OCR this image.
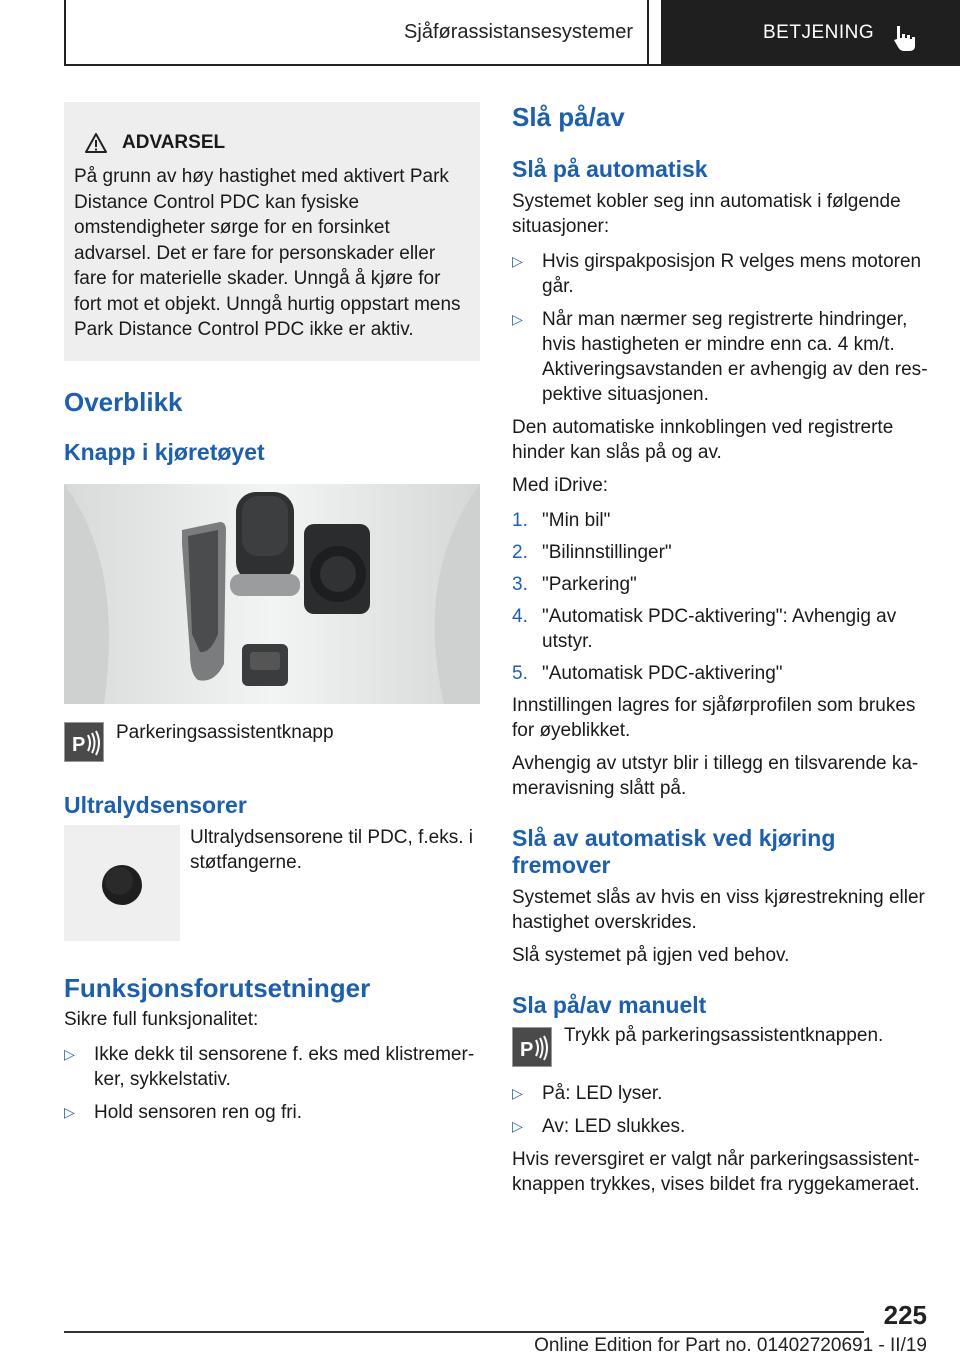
Sjåførassistansesystemer	BETJENING
ADVARSEL

På grunn av høy hastighet med aktivert Park Distance Control PDC kan fysiske omstendigheter sørge for en forsinket advarsel. Det er fare for personskader eller fare for materielle skader. Unngå å kjøre for fort mot et objekt. Unngå hurtig oppstart mens Park Distance Control PDC ikke er aktiv.

Overblikk
Knapp i kjøretøyet
P
Parkeringsassistentknapp
Ultralydsensorer

Ultralydsensorene til PDC, f.eks. i støtfangerne.

Funksjonsforutsetninger

Sikre full funksjonalitet:

▷ Ikke dekk til sensorene f. eks med klistremerker, sykkelstativ.
▷ Hold sensoren ren og fri.
Slå på/av
Slå på automatisk

Systemet kobler seg inn automatisk i følgende situasjoner:

▷ Hvis girspakposisjon R velges mens motoren går.
▷ Når man nærmer seg registrerte hindringer, hvis hastigheten er mindre enn ca. 4 km/t. Aktiveringsavstanden er avhengig av den respektive situasjonen.

Den automatiske innkoblingen ved registrerte hinder kan slås på og av.

Med iDrive:

1. "Min bil"
2. "Bilinnstillinger"
3. "Parkering"
4. "Automatisk PDC-aktivering": Avhengig av utstyr.
5. "Automatisk PDC-aktivering"

Innstillingen lagres for sjåførprofilen som brukes for øyeblikket.

Avhengig av utstyr blir i tillegg en tilsvarende kameravisning slått på.

Slå av automatisk ved kjøring fremover

Systemet slås av hvis en viss kjørestrekning eller hastighet overskrides.

Slå systemet på igjen ved behov.

Sla på/av manuelt
P

Trykk på parkeringsassistentknappen.

▷ På: LED lyser.
▷ Av: LED slukkes.

Hvis reversgiret er valgt når parkeringsassistentknappen trykkes, vises bildet fra ryggekameraet.

225
Online Edition for Part no. 01402720691 - II/19
